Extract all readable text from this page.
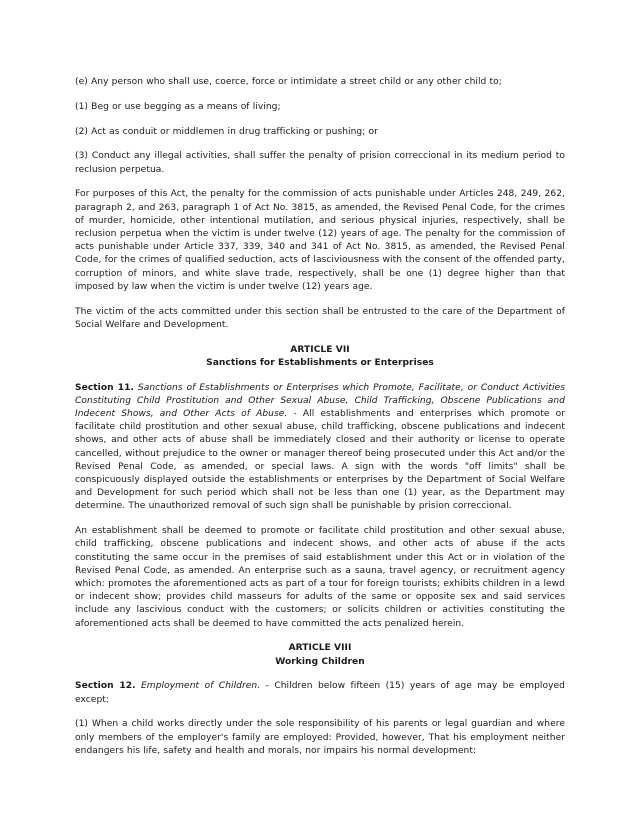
(e) Any person who shall use, coerce, force or intimidate a street child or any other child to;

(1) Beg or use begging as a means of living;

(2) Act as conduit or middlemen in drug trafficking or pushing; or

(3) Conduct any illegal activities, shall suffer the penalty of prision correccional in its medium period to reclusion perpetua.

For purposes of this Act, the penalty for the commission of acts punishable under Articles 248, 249, 262, paragraph 2, and 263, paragraph 1 of Act No. 3815, as amended, the Revised Penal Code, for the crimes of murder, homicide, other intentional mutilation, and serious physical injuries, respectively, shall be reclusion perpetua when the victim is under twelve (12) years of age. The penalty for the commission of acts punishable under Article 337, 339, 340 and 341 of Act No. 3815, as amended, the Revised Penal Code, for the crimes of qualified seduction, acts of lasciviousness with the consent of the offended party, corruption of minors, and white slave trade, respectively, shall be one (1) degree higher than that imposed by law when the victim is under twelve (12) years age.

The victim of the acts committed under this section shall be entrusted to the care of the Department of Social Welfare and Development.

ARTICLE VII
Sanctions for Establishments or Enterprises

Section 11. Sanctions of Establishments or Enterprises which Promote, Facilitate, or Conduct Activities Constituting Child Prostitution and Other Sexual Abuse, Child Trafficking, Obscene Publications and Indecent Shows, and Other Acts of Abuse. - All establishments and enterprises which promote or facilitate child prostitution and other sexual abuse, child trafficking, obscene publications and indecent shows, and other acts of abuse shall be immediately closed and their authority or license to operate cancelled, without prejudice to the owner or manager thereof being prosecuted under this Act and/or the Revised Penal Code, as amended, or special laws. A sign with the words "off limits" shall be conspicuously displayed outside the establishments or enterprises by the Department of Social Welfare and Development for such period which shall not be less than one (1) year, as the Department may determine. The unauthorized removal of such sign shall be punishable by prision correccional.

An establishment shall be deemed to promote or facilitate child prostitution and other sexual abuse, child trafficking, obscene publications and indecent shows, and other acts of abuse if the acts constituting the same occur in the premises of said establishment under this Act or in violation of the Revised Penal Code, as amended. An enterprise such as a sauna, travel agency, or recruitment agency which: promotes the aforementioned acts as part of a tour for foreign tourists; exhibits children in a lewd or indecent show; provides child masseurs for adults of the same or opposite sex and said services include any lascivious conduct with the customers; or solicits children or activities constituting the aforementioned acts shall be deemed to have committed the acts penalized herein.

ARTICLE VIII
Working Children

Section 12. Employment of Children. - Children below fifteen (15) years of age may be employed except:

(1) When a child works directly under the sole responsibility of his parents or legal guardian and where only members of the employer's family are employed: Provided, however, That his employment neither endangers his life, safety and health and morals, nor impairs his normal development:
